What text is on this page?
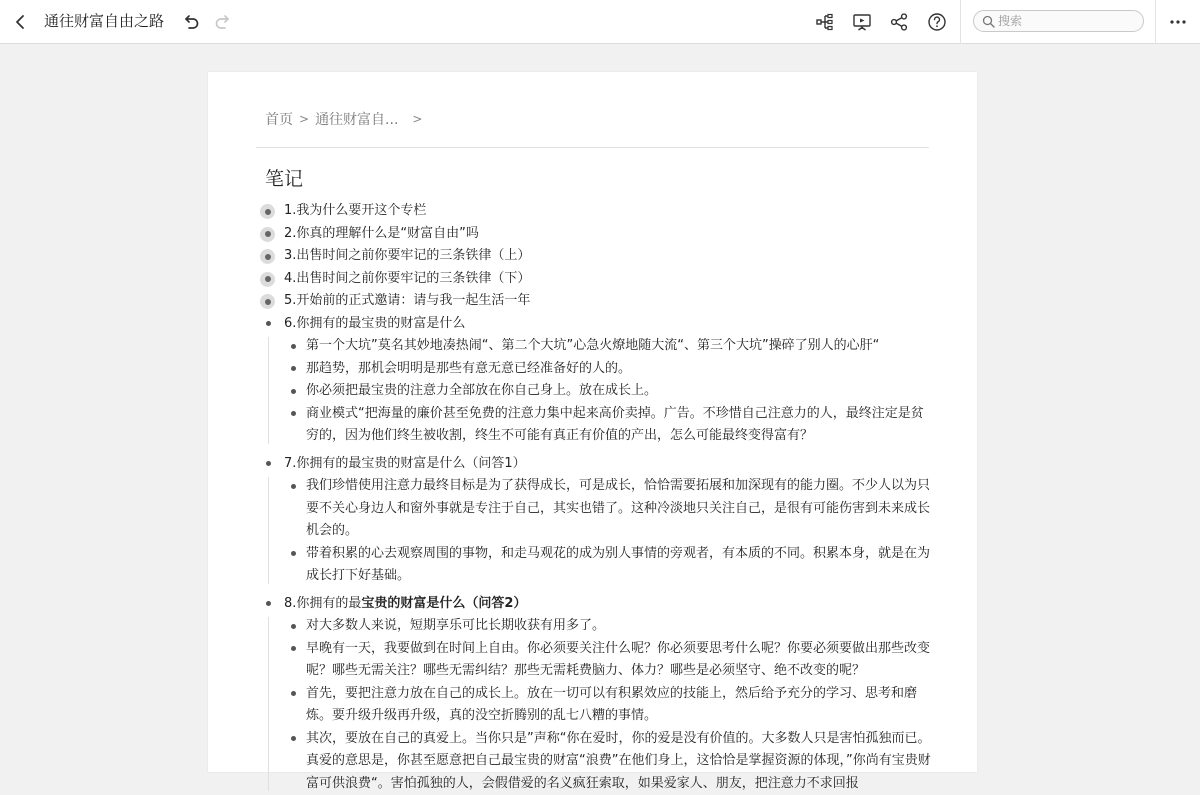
通往财富自由之路
搜索
首页 > 通往财富自... >
笔记
1.我为什么要开这个专栏
2.你真的理解什么是“财富自由”吗
3.出售时间之前你要牢记的三条铁律（上）
4.出售时间之前你要牢记的三条铁律（下）
5.开始前的正式邀请：请与我一起生活一年
6.你拥有的最宝贵的财富是什么
第一个大坑”莫名其妙地凑热闹“、第二个大坑”心急火燎地随大流“、第三个大坑”操碎了别人的心肝“
那趋势，那机会明明是那些有意无意已经准备好的人的。
你必须把最宝贵的注意力全部放在你自己身上。放在成长上。
商业模式“把海量的廉价甚至免费的注意力集中起来高价卖掉。广告。不珍惜自己注意力的人，最终注定是贫穷的，因为他们终生被收割，终生不可能有真正有价值的产出，怎么可能最终变得富有？
7.你拥有的最宝贵的财富是什么（问答1）
我们珍惜使用注意力最终目标是为了获得成长，可是成长，恰恰需要拓展和加深现有的能力圈。不少人以为只要不关心身边人和窗外事就是专注于自己，其实也错了。这种冷淡地只关注自己，是很有可能伤害到未来成长机会的。
带着积累的心去观察周围的事物，和走马观花的成为别人事情的旁观者，有本质的不同。积累本身，就是在为成长打下好基础。
8.你拥有的最宝贵的财富是什么（问答2）
对大多数人来说，短期享乐可比长期收获有用多了。
早晚有一天，我要做到在时间上自由。你必须要关注什么呢？你必须要思考什么呢？你要必须要做出那些改变呢？哪些无需关注？哪些无需纠结？那些无需耗费脑力、体力？哪些是必须坚守、绝不改变的呢？
首先，要把注意力放在自己的成长上。放在一切可以有积累效应的技能上，然后给予充分的学习、思考和磨炼。要升级升级再升级，真的没空折腾别的乱七八糟的事情。
其次，要放在自己的真爱上。当你只是”声称“你在爱时，你的爱是没有价值的。大多数人只是害怕孤独而已。真爱的意思是，你甚至愿意把自己最宝贵的财富“浪费”在他们身上，这恰恰是掌握资源的体现，”你尚有宝贵财富可供浪费“。害怕孤独的人，会假借爱的名义疯狂索取，如果爱家人、朋友，把注意力不求回报
